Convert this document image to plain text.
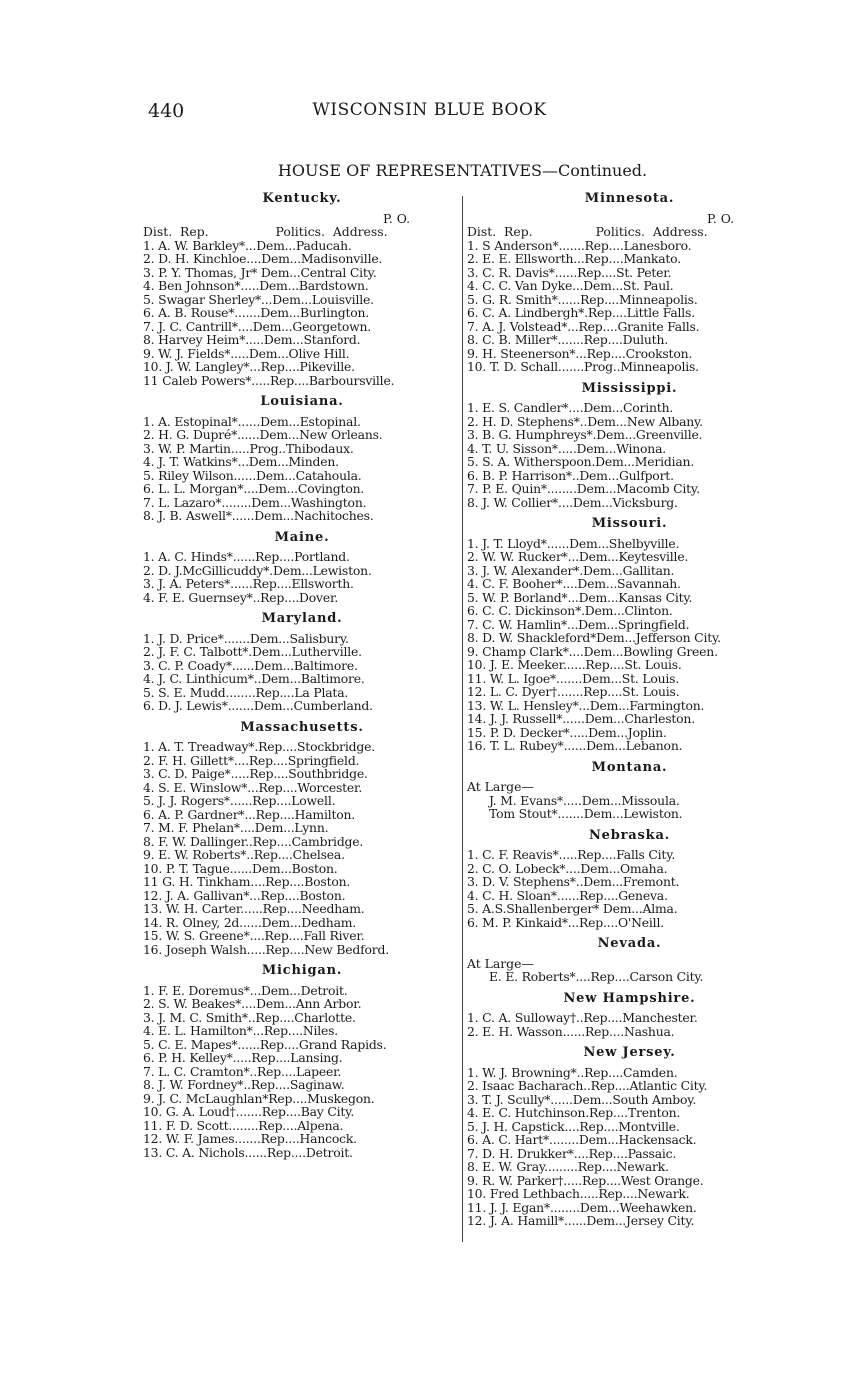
440	WISCONSIN BLUE BOOK
HOUSE OF REPRESENTATIVES—Continued.
Kentucky.
P. O.
Dist.  Rep.                 Politics.  Address.
1. A. W. Barkley*...Dem...Paducah.
2. D. H. Kinchloe....Dem...Madisonville.
3. P. Y. Thomas, Jr* Dem...Central City.
4. Ben Johnson*.....Dem...Bardstown.
5. Swagar Sherley*...Dem...Louisville.
6. A. B. Rouse*.......Dem...Burlington.
7. J. C. Cantrill*....Dem...Georgetown.
8. Harvey Heim*.....Dem...Stanford.
9. W. J. Fields*.....Dem...Olive Hill.
10. J. W. Langley*...Rep....Pikeville.
11 Caleb Powers*.....Rep....Barboursville.
Louisiana.
1. A. Estopinal*......Dem...Estopinal.
2. H. G. Dupré*......Dem...New Orleans.
3. W. P. Martin.....Prog..Thibodaux.
4. J. T. Watkins*...Dem...Minden.
5. Riley Wilson......Dem...Catahoula.
6. L. L. Morgan*....Dem...Covington.
7. L. Lazaro*........Dem...Washington.
8. J. B. Aswell*......Dem...Nachitoches.
Maine.
1. A. C. Hinds*......Rep....Portland.
2. D. J.McGillicuddy*.Dem...Lewiston.
3. J. A. Peters*......Rep....Ellsworth.
4. F. E. Guernsey*..Rep....Dover.
Maryland.
1. J. D. Price*.......Dem...Salisbury.
2. J. F. C. Talbott*.Dem...Lutherville.
3. C. P. Coady*......Dem...Baltimore.
4. J. C. Linthicum*..Dem...Baltimore.
5. S. E. Mudd........Rep....La Plata.
6. D. J. Lewis*.......Dem...Cumberland.
Massachusetts.
1. A. T. Treadway*.Rep....Stockbridge.
2. F. H. Gillett*....Rep....Springfield.
3. C. D. Paige*.....Rep....Southbridge.
4. S. E. Winslow*...Rep....Worcester.
5. J. J. Rogers*......Rep....Lowell.
6. A. P. Gardner*...Rep....Hamilton.
7. M. F. Phelan*....Dem...Lynn.
8. F. W. Dallinger..Rep....Cambridge.
9. E. W. Roberts*..Rep....Chelsea.
10. P. T. Tague......Dem...Boston.
11 G. H. Tinkham....Rep....Boston.
12. J. A. Gallivan*...Rep....Boston.
13. W. H. Carter......Rep....Needham.
14. R. Olney, 2d......Dem...Dedham.
15. W. S. Greene*....Rep....Fall River.
16. Joseph Walsh.....Rep....New Bedford.
Michigan.
1. F. E. Doremus*...Dem...Detroit.
2. S. W. Beakes*....Dem...Ann Arbor.
3. J. M. C. Smith*..Rep....Charlotte.
4. E. L. Hamilton*...Rep....Niles.
5. C. E. Mapes*......Rep....Grand Rapids.
6. P. H. Kelley*.....Rep....Lansing.
7. L. C. Cramton*..Rep....Lapeer.
8. J. W. Fordney*..Rep....Saginaw.
9. J. C. McLaughlan*Rep....Muskegon.
10. G. A. Loud†.......Rep....Bay City.
11. F. D. Scott........Rep....Alpena.
12. W. F. James.......Rep....Hancock.
13. C. A. Nichols......Rep....Detroit.
Minnesota.
P. O.
Dist.  Rep.                Politics.  Address.
1. S Anderson*.......Rep....Lanesboro.
2. E. E. Ellsworth...Rep....Mankato.
3. C. R. Davis*......Rep....St. Peter.
4. C. C. Van Dyke...Dem...St. Paul.
5. G. R. Smith*......Rep....Minneapolis.
6. C. A. Lindbergh*.Rep....Little Falls.
7. A. J. Volstead*...Rep....Granite Falls.
8. C. B. Miller*.......Rep....Duluth.
9. H. Steenerson*...Rep....Crookston.
10. T. D. Schall.......Prog..Minneapolis.
Mississippi.
1. E. S. Candler*....Dem...Corinth.
2. H. D. Stephens*..Dem...New Albany.
3. B. G. Humphreys*.Dem...Greenville.
4. T. U. Sisson*.....Dem...Winona.
5. S. A. Witherspoon.Dem...Meridian.
6. B. P. Harrison*..Dem...Gulfport.
7. P. E. Quin*........Dem...Macomb City.
8. J. W. Collier*....Dem...Vicksburg.
Missouri.
1. J. T. Lloyd*......Dem...Shelbyville.
2. W. W. Rucker*...Dem...Keytesville.
3. J. W. Alexander*.Dem...Gallitan.
4. C. F. Booher*....Dem...Savannah.
5. W. P. Borland*...Dem...Kansas City.
6. C. C. Dickinson*.Dem...Clinton.
7. C. W. Hamlin*...Dem...Springfield.
8. D. W. Shackleford*Dem...Jefferson City.
9. Champ Clark*....Dem...Bowling Green.
10. J. E. Meeker......Rep....St. Louis.
11. W. L. Igoe*.......Dem...St. Louis.
12. L. C. Dyer†.......Rep....St. Louis.
13. W. L. Hensley*...Dem...Farmington.
14. J. J. Russell*......Dem...Charleston.
15. P. D. Decker*.....Dem...Joplin.
16. T. L. Rubey*......Dem...Lebanon.
Montana.
At Large—
J. M. Evans*.....Dem...Missoula.
Tom Stout*.......Dem...Lewiston.
Nebraska.
1. C. F. Reavis*.....Rep....Falls City.
2. C. O. Lobeck*....Dem...Omaha.
3. D. V. Stephens*..Dem...Fremont.
4. C. H. Sloan*......Rep....Geneva.
5. A.S.Shallenberger* Dem...Alma.
6. M. P. Kinkaid*...Rep....O'Neill.
Nevada.
At Large—
E. E. Roberts*....Rep....Carson City.
New Hampshire.
1. C. A. Sulloway†..Rep....Manchester.
2. E. H. Wasson......Rep....Nashua.
New Jersey.
1. W. J. Browning*..Rep....Camden.
2. Isaac Bacharach..Rep....Atlantic City.
3. T. J. Scully*......Dem...South Amboy.
4. E. C. Hutchinson.Rep....Trenton.
5. J. H. Capstick....Rep....Montville.
6. A. C. Hart*........Dem...Hackensack.
7. D. H. Drukker*....Rep....Passaic.
8. E. W. Gray.........Rep....Newark.
9. R. W. Parker†.....Rep....West Orange.
10. Fred Lethbach.....Rep....Newark.
11. J. J. Egan*........Dem...Weehawken.
12. J. A. Hamill*......Dem...Jersey City.
